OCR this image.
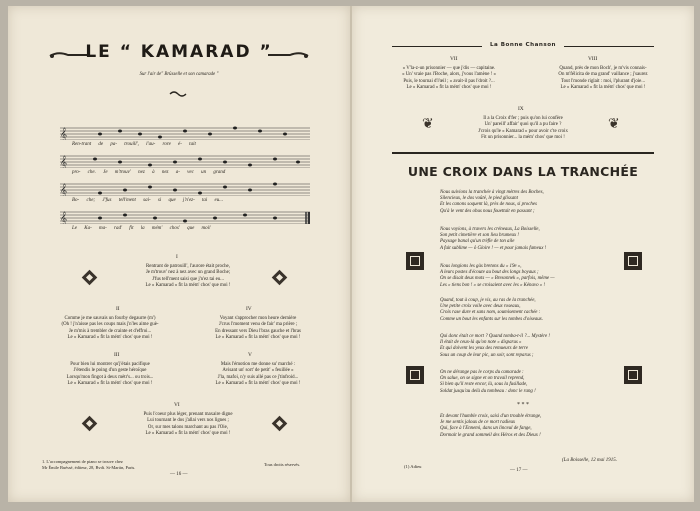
LE “ KAMARAD ”
Sur l'air de" Brûsselle et son camarade "
𝄞
Ren-trant de pa- trouill', l'au- rore é- tait
𝄞
pro- che. Je m'trouv' nez à nez a- vec un grand
𝄞
Bo- che; J'fus tell'ment sai- si que j'n'ez- tai eu...
𝄞
Le Ka- ma- rad' fit la mém' chos' que moi!
I
Rentrant de patrouill', l'aurore était proche,
Je m'trouv' nez à nez avec un grand Boche;
J'fus tell'ment saisi que j'n'ez tai eu...
Le « Kamarad » fit la mém' chos' que moi !
II	IV
Comme je me sauvais un fourby degaurre (m')
(Oh ! j'n'aisse pas les coups mais j'n'les aime guè-
Je m'mis à trembler de crainte et d'effroi...
Le « Kamarad » fit la mém' chos' que moi !
Voyant s'approcher mon heure dernière
J'crus l'moment venu de fair' ma prière ;
En dressant vers Dieu l'bras gauche et l'bras
Le « Kamarad » fit la mém' chos' que moi !
III	V
Pour bien lui montrer qu'j'étais pacifique
J'étendis le poing d'un geste héroïque
Lorsqu'mon fingot à deux mètr's... ou trois...
Le « Kamarad » fit la mém' chos' que moi !
Mais l'émotion me donne su' marché :
Avisant un' sort' de petit' « feuillée »
J'la, mafoi, n'y suis allé pas ce j'tinfroid...
Le « Kamarad » fit la mém' chos' que moi !
VI
Puis l'coeur plus léger, prenant maxaire digne
Lui tournant le dos j'allai vers nos lignes ;
Or, sur mes talons marchant au pas l'Oie,
Le « Kamarad » fit la mém' chos' que moi !
1. L'accompagnement de piano se trouve chez
Mr Émile Buéssé, éditeur, 28, Bvdt. St-Martin, Paris.
Tous droits réservés.
— 16 —
La Bonne Chanson
VII	VIII
« V'la-z-un prisonnier — que j'dis — capitaine.
« Un' vraie pas l'Boche, alors, j'vous l'amène ! »
Puis, le tournai d'l'œil ; « avait-il pas l'droit ?...
Le « Kamarad » fit la mém' chos' que moi !
Quand, près de mon Boch', je m'vis connais-
On m'félicita de ma grand' vaillance ; j'saurez
Tout l'monde riglait : moi, l'plurant d'joie...
Le « Kamarad » fit la mém' chos' que moi !
IX
❦	Il a la Croix d'fer ; puis qu'on lui confère
Un' pareill' affair' quoi qu'il a pu faire ?
J'crois qu'le « Kamarad » pour avoir c'te croix
Fit un prisonnier... la mém' chos' que moi !
❦
UNE CROIX DANS LA TRANCHÉE
Nous suivions la tranchée à vingt mètres des Boches,
Silencieux, le dos voûté, le pied glissant
Et les canons soquent là, près de nous, si proches
Qu'à le vent des obus nous fouettait en passant ;
Nous voyions, à travers les créneaux, La Boisselle,
Son petit cimetière et son lieu brumeux !
Paysage banal qu'un trèfle de ton aile
A fait sublime — ô Gloire ! — et pour jamais fameux !
Nous longions les gàs bretons du « 19e »,
A leurs postes d'écoute au bout des longs boyaux ;
On se disait deux mots — « Bresonnek », parfois, même —
Les « tiens bon ! » se croisaient avec les « Kénavo » !
Quand, tout à coup, je vis, au ras de la tranchée,
Une petite croix voile avec deux roseaux,
Croix rase dure et sans nom, soumisement cachée :
Comme un bout les enfants sur les tombes d'oiseaux.
Qui donc était ce mort ? Quand tomba-t-il ?... Mystère !
Il était de ceux-là qu'on note « disparus »
Et qui doivent les yeux des remueurs de terre
Sous un coup de leur pic, un soir, sont reparus ;
On ne dérange pas le corps du camarade :
On salue, on se signe et on travail reprend,
Si bien qu'il reste encor, là, sous la fusillade,
Soldat jusqu'au delà du tombeau : donc le rang !
* * *
Et devant l'humble croix, saisi d'un trouble étrange,
Je me sentis jaloux de ce mort radieux
Qui, face à l'Ennemi, dans un linceul de fange,
Dormait le grand sommeil des Héros et des Dieux !
(La Boisselle, 12 mai 1915.
(1) Adieu
— 17 —
